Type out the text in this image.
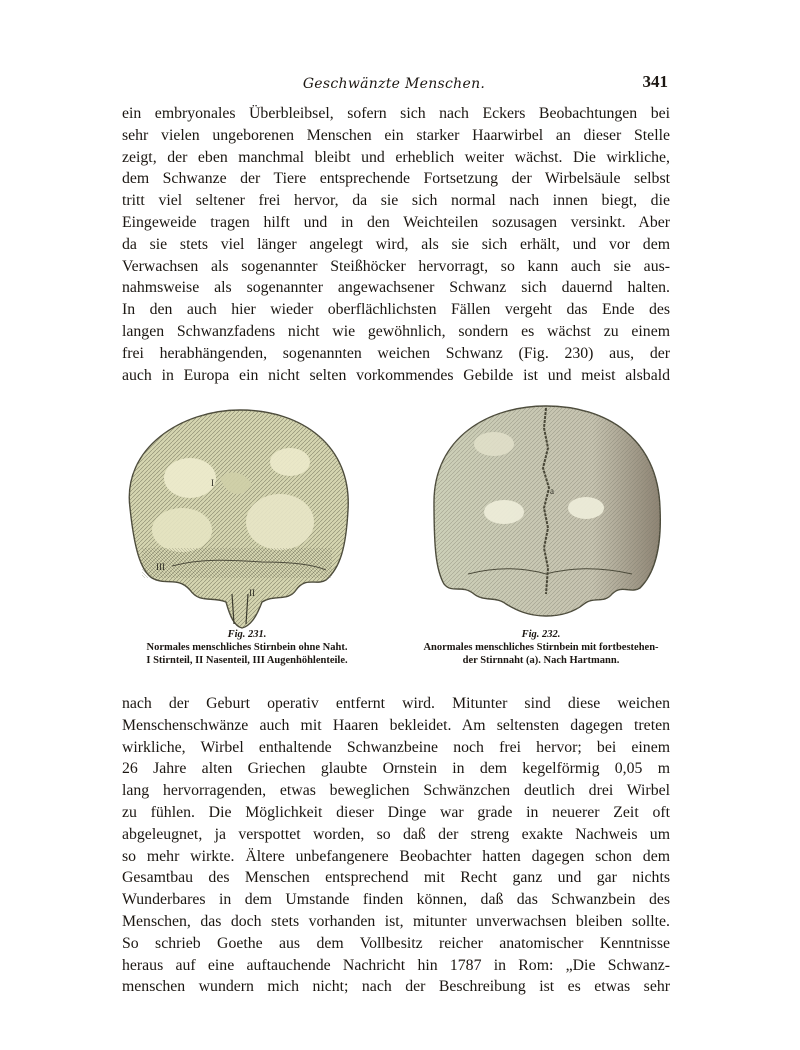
Geschwänzte Menschen.	341
ein embryonales Überbleibsel, sofern sich nach Eckers Beobachtungen bei
sehr vielen ungeborenen Menschen ein starker Haarwirbel an dieser Stelle
zeigt, der eben manchmal bleibt und erheblich weiter wächst. Die wirkliche,
dem Schwanze der Tiere entsprechende Fortsetzung der Wirbelsäule selbst
tritt viel seltener frei hervor, da sie sich normal nach innen biegt, die
Eingeweide tragen hilft und in den Weichteilen sozusagen versinkt. Aber
da sie stets viel länger angelegt wird, als sie sich erhält, und vor dem
Verwachsen als sogenannter Steißhöcker hervorragt, so kann auch sie aus-
nahmsweise als sogenannter angewachsener Schwanz sich dauernd halten.
In den auch hier wieder oberflächlichsten Fällen vergeht das Ende des
langen Schwanzfadens nicht wie gewöhnlich, sondern es wächst zu einem
frei herabhängenden, sogenannten weichen Schwanz (Fig. 230) aus, der
auch in Europa ein nicht selten vorkommendes Gebilde ist und meist alsbald
I
II
III
a
Fig. 231.
Normales menschliches Stirnbein ohne Naht.
I Stirnteil, II Nasenteil, III Augenhöhlenteile.
Fig. 232.
Anormales menschliches Stirnbein mit fortbestehen-
der Stirnnaht (a). Nach Hartmann.
nach der Geburt operativ entfernt wird. Mitunter sind diese weichen
Menschenschwänze auch mit Haaren bekleidet. Am seltensten dagegen treten
wirkliche, Wirbel enthaltende Schwanzbeine noch frei hervor; bei einem
26 Jahre alten Griechen glaubte Ornstein in dem kegelförmig 0,05 m
lang hervorragenden, etwas beweglichen Schwänzchen deutlich drei Wirbel
zu fühlen. Die Möglichkeit dieser Dinge war grade in neuerer Zeit oft
abgeleugnet, ja verspottet worden, so daß der streng exakte Nachweis um
so mehr wirkte. Ältere unbefangenere Beobachter hatten dagegen schon dem
Gesamtbau des Menschen entsprechend mit Recht ganz und gar nichts
Wunderbares in dem Umstande finden können, daß das Schwanzbein des
Menschen, das doch stets vorhanden ist, mitunter unverwachsen bleiben sollte.
So schrieb Goethe aus dem Vollbesitz reicher anatomischer Kenntnisse
heraus auf eine auftauchende Nachricht hin 1787 in Rom: „Die Schwanz-
menschen wundern mich nicht; nach der Beschreibung ist es etwas sehr
